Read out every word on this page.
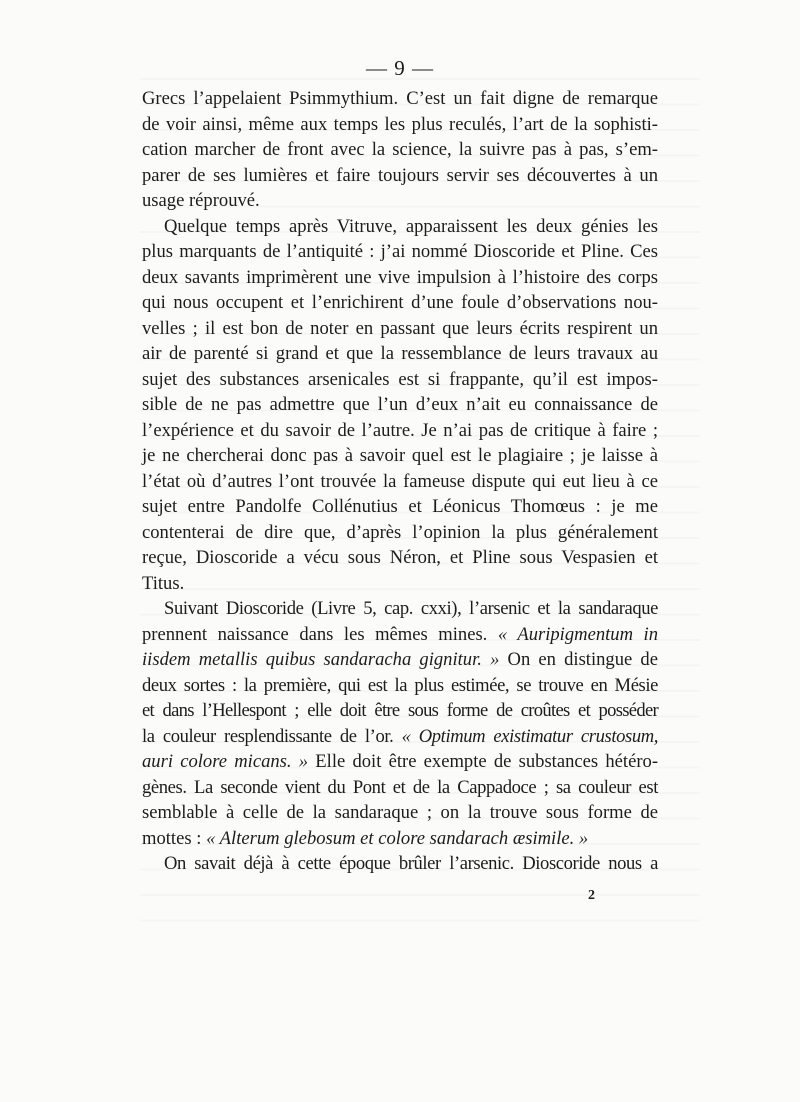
— 9 —
Grecs l’appelaient Psimmythium. C’est un fait digne de remarque
de voir ainsi, même aux temps les plus reculés, l’art de la sophisti-
cation marcher de front avec la science, la suivre pas à pas, s’em-
parer de ses lumières et faire toujours servir ses découvertes à un
usage réprouvé.
Quelque temps après Vitruve, apparaissent les deux génies les
plus marquants de l’antiquité : j’ai nommé Dioscoride et Pline. Ces
deux savants imprimèrent une vive impulsion à l’histoire des corps
qui nous occupent et l’enrichirent d’une foule d’observations nou-
velles ; il est bon de noter en passant que leurs écrits respirent un
air de parenté si grand et que la ressemblance de leurs travaux au
sujet des substances arsenicales est si frappante, qu’il est impos-
sible de ne pas admettre que l’un d’eux n’ait eu connaissance de
l’expérience et du savoir de l’autre. Je n’ai pas de critique à faire ;
je ne chercherai donc pas à savoir quel est le plagiaire ; je laisse à
l’état où d’autres l’ont trouvée la fameuse dispute qui eut lieu à ce
sujet entre Pandolfe Collénutius et Léonicus Thomœus : je me
contenterai de dire que, d’après l’opinion la plus généralement
reçue, Dioscoride a vécu sous Néron, et Pline sous Vespasien et
Titus.
Suivant Dioscoride (Livre 5, cap. cxxi), l’arsenic et la sandaraque
prennent naissance dans les mêmes mines. « Auripigmentum in
iisdem metallis quibus sandaracha gignitur. » On en distingue de
deux sortes : la première, qui est la plus estimée, se trouve en Mésie
et dans l’Hellespont ; elle doit être sous forme de croûtes et posséder
la couleur resplendissante de l’or. « Optimum existimatur crustosum,
auri colore micans. » Elle doit être exempte de substances hétéro-
gènes. La seconde vient du Pont et de la Cappadoce ; sa couleur est
semblable à celle de la sandaraque ; on la trouve sous forme de
mottes : « Alterum glebosum et colore sandarach æsimile. »
On savait déjà à cette époque brûler l’arsenic. Dioscoride nous a
2
